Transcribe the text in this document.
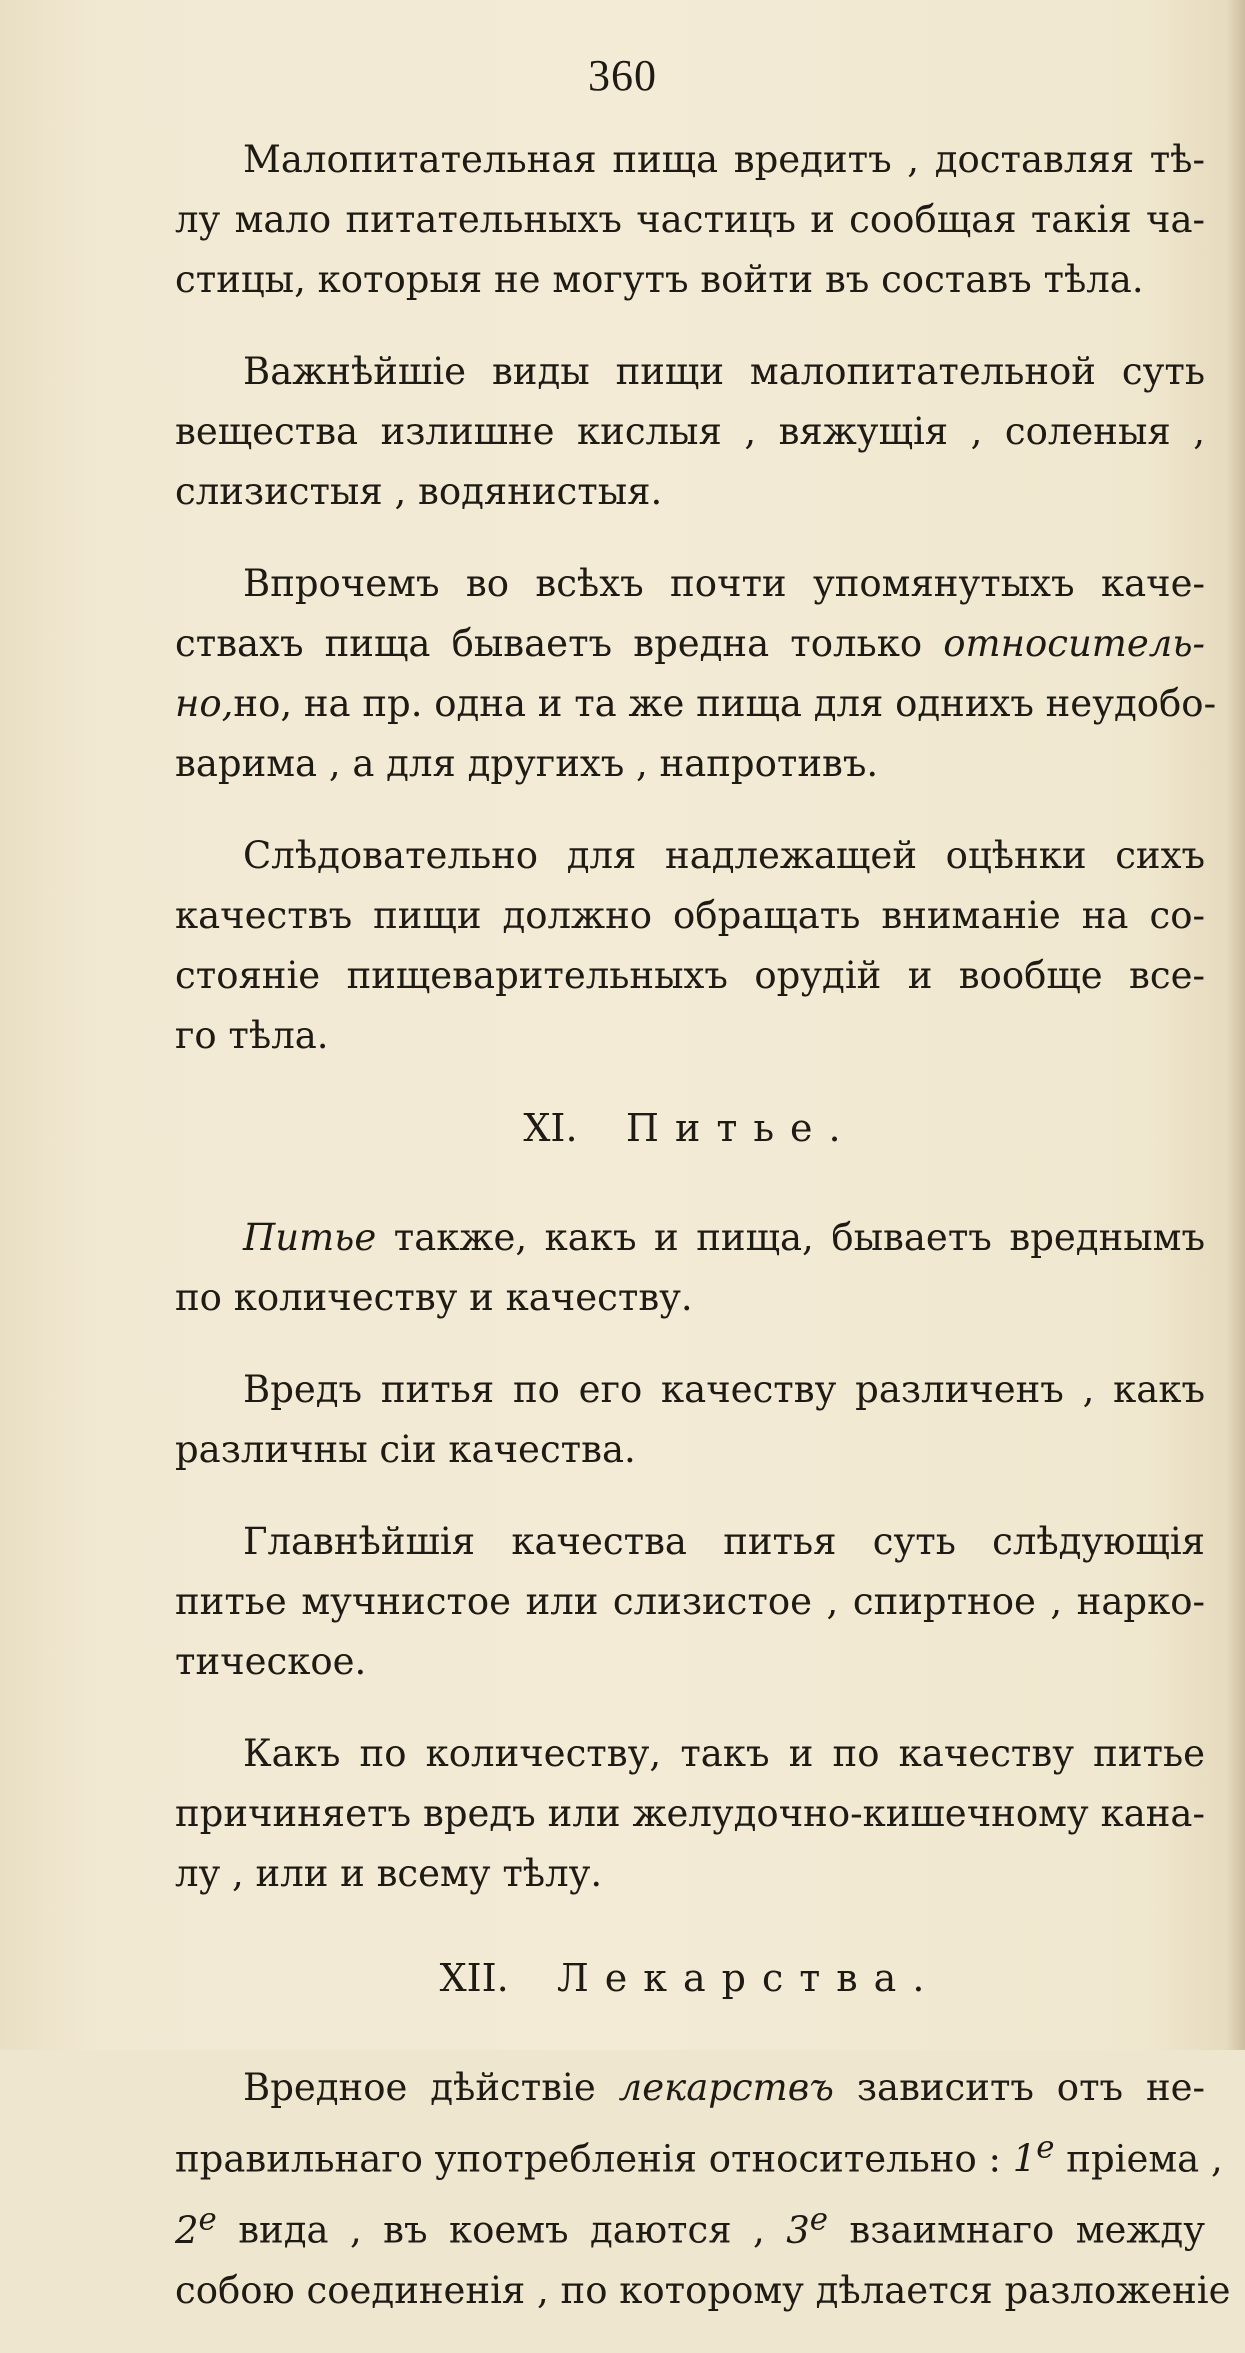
360

Малопитательная пища вредитъ , доставляя тѣ-
лу мало питательныхъ частицъ и сообщая такія ча-
стицы, которыя не могутъ войти въ составъ тѣла.

Важнѣйшіе виды пищи малопитательной суть
вещества излишне кислыя , вяжущія , соленыя ,
слизистыя , водянистыя.

Впрочемъ во всѣхъ почти упомянутыхъ каче-
ствахъ пища бываетъ вредна только относитель-
но,но, на пр. одна и та же пища для однихъ неудобо-
варима , а для другихъ , напротивъ.

Слѣдовательно для надлежащей оцѣнки сихъ
качествъ пищи должно обращать вниманіе на со-
стояніе пищеварительныхъ орудій и вообще все-
го тѣла.

XI. Питье.

Питье также, какъ и пища, бываетъ вреднымъ
по количеству и качеству.

Вредъ питья по его качеству различенъ , какъ
различны сіи качества.

Главнѣйшія качества питья суть слѣдующія
питье мучнистое или слизистое , спиртное , нарко-
тическое.

Какъ по количеству, такъ и по качеству питье
причиняетъ вредъ или желудочно-кишечному кана-
лу , или и всему тѣлу.

XII. Лекарства.

Вредное дѣйствіе лекарствъ зависитъ отъ не-
правильнаго употребленія относительно : $1^е$ пріема ,
$2^е$ вида , въ коемъ даются , $3^е$ взаимнаго между
собою соединенія , по которому дѣлается разложеніе
